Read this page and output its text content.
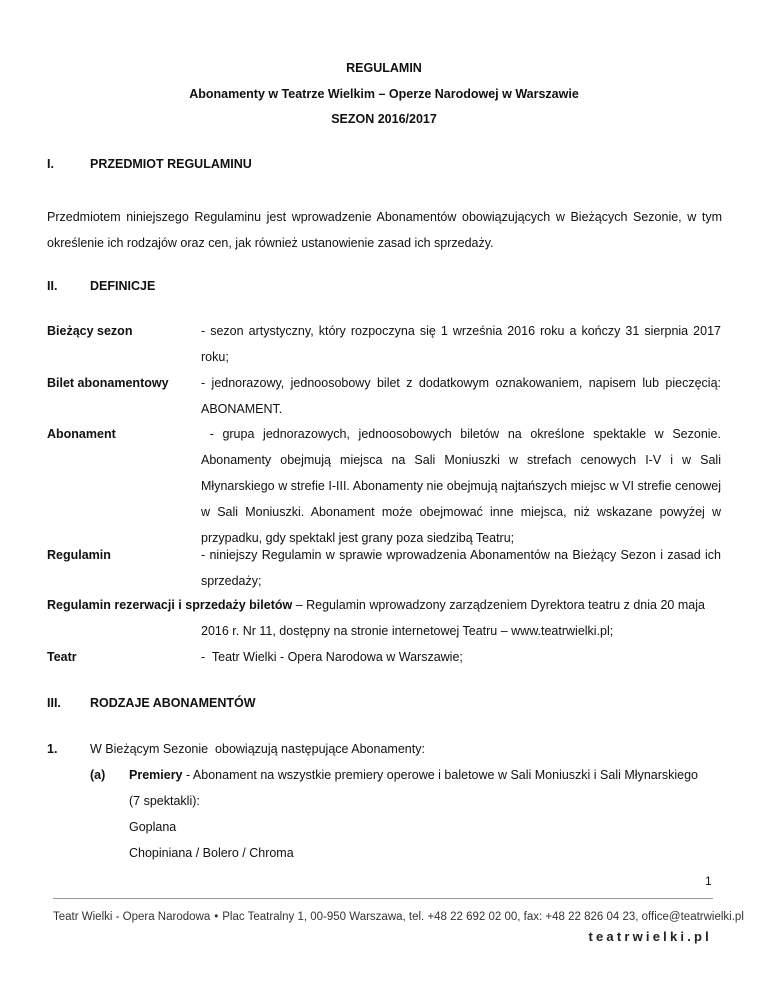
REGULAMIN
Abonamenty w Teatrze Wielkim – Operze Narodowej w Warszawie
SEZON 2016/2017
I.	PRZEDMIOT REGULAMINU
Przedmiotem niniejszego Regulaminu jest wprowadzenie Abonamentów obowiązujących w Bieżących Sezonie, w tym określenie ich rodzajów oraz cen, jak również ustanowienie zasad ich sprzedaży.
II.	DEFINICJE
Bieżący sezon	- sezon artystyczny, który rozpoczyna się 1 września 2016 roku a kończy 31 sierpnia 2017 roku;
Bilet abonamentowy	- jednorazowy, jednoosobowy bilet z dodatkowym oznakowaniem, napisem lub pieczęcią: ABONAMENT.
Abonament	- grupa jednorazowych, jednoosobowych biletów na określone spektakle w Sezonie. Abonamenty obejmują miejsca na Sali Moniuszki w strefach cenowych I-V i w Sali Młynarskiego w strefie I-III. Abonamenty nie obejmują najtańszych miejsc w VI strefie cenowej w Sali Moniuszki. Abonament może obejmować inne miejsca, niż wskazane powyżej w przypadku, gdy spektakl jest grany poza siedzibą Teatru;
Regulamin	- niniejszy Regulamin w sprawie wprowadzenia Abonamentów na Bieżący Sezon i zasad ich sprzedaży;
Regulamin rezerwacji i sprzedaży biletów – Regulamin wprowadzony zarządzeniem Dyrektora teatru z dnia 20 maja
2016 r. Nr 11, dostępny na stronie internetowej Teatru – www.teatrwielki.pl;
Teatr	-  Teatr Wielki - Opera Narodowa w Warszawie;
III. RODZAJE ABONAMENTÓW
1.	W Bieżącym Sezonie  obowiązują następujące Abonamenty:
(a) Premiery - Abonament na wszystkie premiery operowe i baletowe w Sali Moniuszki i Sali Młynarskiego
(7 spektakli):
Goplana
Chopiniana / Bolero / Chroma
1
Teatr Wielki - Opera Narodowa • Plac Teatralny 1, 00-950 Warszawa, tel. +48 22 692 02 00, fax: +48 22 826 04 23, office@teatrwielki.pl
teatrwielki.pl
